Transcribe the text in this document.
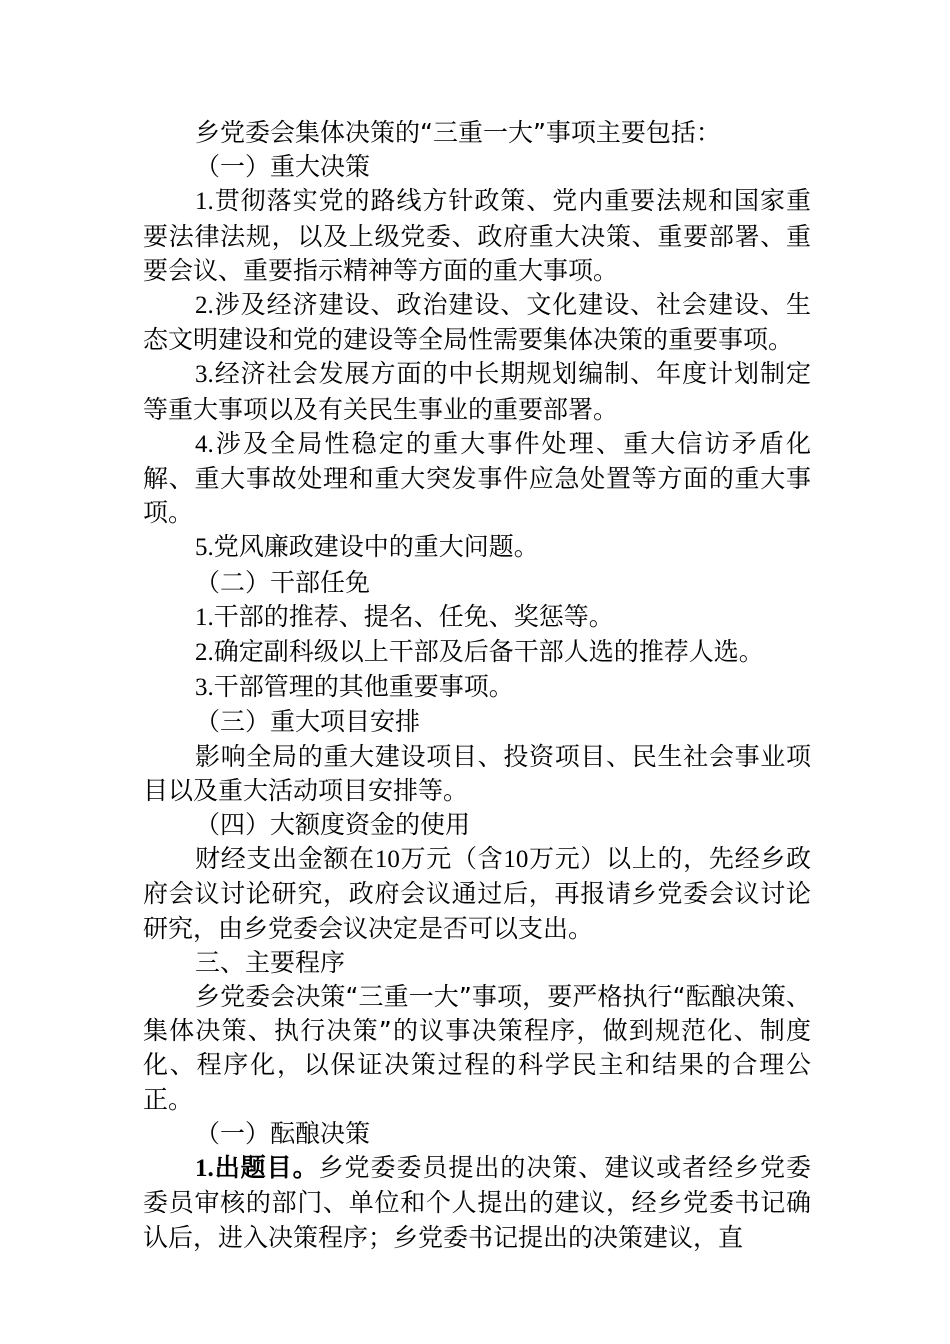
乡党委会集体决策的“三重一大”事项主要包括：

（一）重大决策

1.贯彻落实党的路线方针政策、党内重要法规和国家重要法律法规，以及上级党委、政府重大决策、重要部署、重要会议、重要指示精神等方面的重大事项。

2.涉及经济建设、政治建设、文化建设、社会建设、生态文明建设和党的建设等全局性需要集体决策的重要事项。

3.经济社会发展方面的中长期规划编制、年度计划制定等重大事项以及有关民生事业的重要部署。

4.涉及全局性稳定的重大事件处理、重大信访矛盾化解、重大事故处理和重大突发事件应急处置等方面的重大事项。

5.党风廉政建设中的重大问题。

（二）干部任免

1.干部的推荐、提名、任免、奖惩等。

2.确定副科级以上干部及后备干部人选的推荐人选。

3.干部管理的其他重要事项。

（三）重大项目安排

影响全局的重大建设项目、投资项目、民生社会事业项目以及重大活动项目安排等。

（四）大额度资金的使用

财经支出金额在10万元（含10万元）以上的，先经乡政府会议讨论研究，政府会议通过后，再报请乡党委会议讨论研究，由乡党委会议决定是否可以支出。

三、主要程序

乡党委会决策“三重一大”事项，要严格执行“酝酿决策、集体决策、执行决策”的议事决策程序，做到规范化、制度化、程序化，以保证决策过程的科学民主和结果的合理公正。

（一）酝酿决策

1.出题目。乡党委委员提出的决策、建议或者经乡党委委员审核的部门、单位和个人提出的建议，经乡党委书记确认后，进入决策程序；乡党委书记提出的决策建议，直
